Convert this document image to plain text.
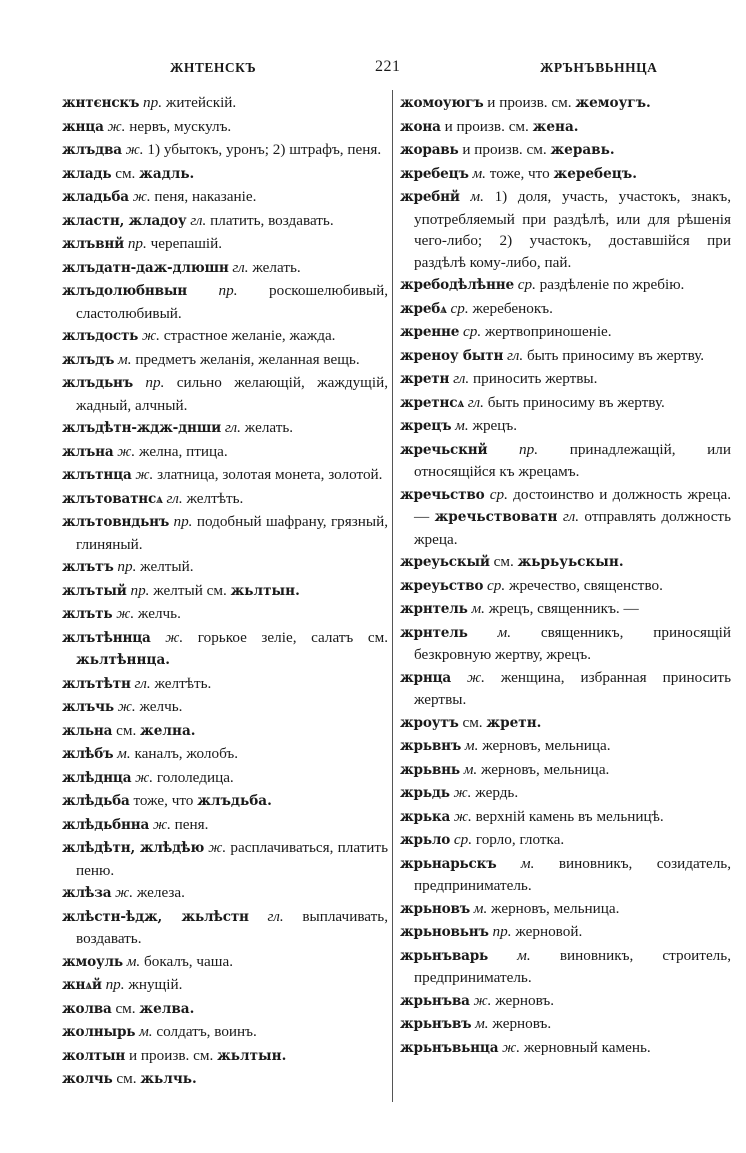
ЖНТЕНСКЪ	221	ЖРЪНЪВЬННЦА
жнтєнскъ пр. житейскій.
жнца ж. нервъ, мускулъ.
жлъдва ж. 1) убытокъ, уронъ; 2) штрафъ, пеня.
жладь см. жадль.
жладьба ж. пеня, наказаніе.
жластн, жладоу гл. платить, воздавать.
жлъвнй пр. черепашій.
жлъдатн-даж-длюшн гл. желать.
жлъдолюбнвын пр. роскошелюбивый, сластолюбивый.
жлъдость ж. страстное желаніе, жажда.
жлъдъ м. предметъ желанія, желанная вещь.
жлъдьнъ пр. сильно желающій, жаждущій, жадный, алчный.
жлъдѣтн-ждж-днши гл. желать.
жлъна ж. желна, птица.
жлътнца ж. златница, золотая монета, золотой.
жлътоватнсѧ гл. желтѣть.
жлътовндьнъ пр. подобный шафрану, грязный, глиняный.
жлътъ пр. желтый.
жлътый пр. желтый см. жьлтын.
жлъть ж. желчь.
жлътѣннца ж. горькое зеліе, салатъ см. жьлтѣннца.
жлътѣтн гл. желтѣть.
жлъчь ж. желчь.
жльна см. желна.
жлѣбъ м. каналъ, жолобъ.
жлѣднца ж. гололедица.
жлѣдьба тоже, что жлъдьба.
жлѣдьбнна ж. пеня.
жлѣдѣтн, жлѣдѣю ж. расплачиваться, платить пеню.
жлѣза ж. железа.
жлѣстн-ѣдж, жьлѣстн гл. выплачивать, воздавать.
жмоуль м. бокалъ, чаша.
жнѧй пр. жнущій.
жолва см. желва.
жолнырь м. солдатъ, воинъ.
жолтын и произв. см. жьлтын.
жолчь см. жьлчь.
жомоуюгъ и произв. см. жемоугъ.
жона и произв. см. жена.
жоравь и произв. см. жеравь.
жребецъ м. тоже, что жеребецъ.
жребнй м. 1) доля, участь, участокъ, знакъ, употребляемый при раздѣлѣ, или для рѣшенія чего-либо; 2) участокъ, доставшійся при раздѣлѣ кому-либо, пай.
жребодѣлѣнне ср. раздѣленіе по жребію.
жребѧ ср. жеребенокъ.
жренне ср. жертвоприношеніе.
жреноу бытн гл. быть приносиму въ жертву.
жретн гл. приносить жертвы.
жретнсѧ гл. быть приносиму въ жертву.
жрецъ м. жрецъ.
жречьскнй пр. принадлежащій, или относящійся къ жрецамъ.
жречьство ср. достоинство и должность жреца.— жречьствоватн гл. отправлять должность жреца.
жреуьскый см. жьрьуьскын.
жреуьство ср. жречество, священство.
жрнтель м. жрецъ, священникъ. —
жрнтель м. священникъ, приносящій безкровную жертву, жрецъ.
жрнца ж. женщина, избранная приносить жертвы.
жроутъ см. жретн.
жрьвнъ м. жерновъ, мельница.
жрьвнь м. жерновъ, мельница.
жрьдь ж. жердь.
жрька ж. верхній камень въ мельницѣ.
жрьло ср. горло, глотка.
жрьнарьскъ м. виновникъ, созидатель, предприниматель.
жрьновъ м. жерновъ, мельница.
жрьновьнъ пр. жерновой.
жрьнъварь м. виновникъ, строитель, предприниматель.
жрьнъва ж. жерновъ.
жрьнъвъ м. жерновъ.
жрьнъвьнца ж. жерновный камень.
